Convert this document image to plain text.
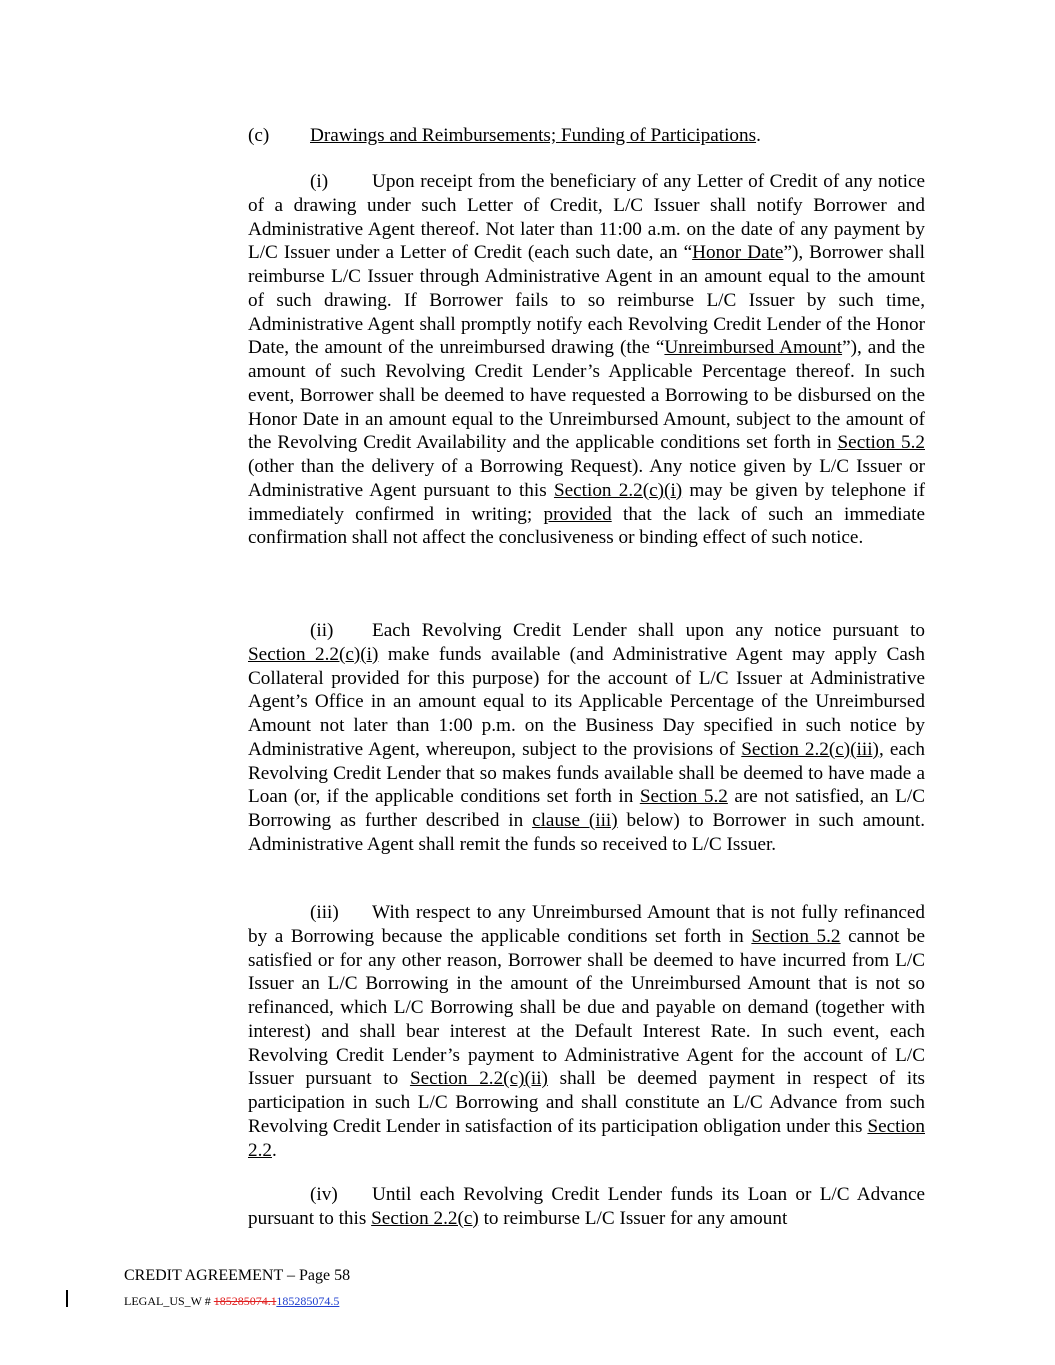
(c) Drawings and Reimbursements; Funding of Participations.
(i) Upon receipt from the beneficiary of any Letter of Credit of any notice of a drawing under such Letter of Credit, L/C Issuer shall notify Borrower and Administrative Agent thereof. Not later than 11:00 a.m. on the date of any payment by L/C Issuer under a Letter of Credit (each such date, an “Honor Date”), Borrower shall reimburse L/C Issuer through Administrative Agent in an amount equal to the amount of such drawing. If Borrower fails to so reimburse L/C Issuer by such time, Administrative Agent shall promptly notify each Revolving Credit Lender of the Honor Date, the amount of the unreimbursed drawing (the “Unreimbursed Amount”), and the amount of such Revolving Credit Lender’s Applicable Percentage thereof. In such event, Borrower shall be deemed to have requested a Borrowing to be disbursed on the Honor Date in an amount equal to the Unreimbursed Amount, subject to the amount of the Revolving Credit Availability and the applicable conditions set forth in Section 5.2 (other than the delivery of a Borrowing Request). Any notice given by L/C Issuer or Administrative Agent pursuant to this Section 2.2(c)(i) may be given by telephone if immediately confirmed in writing; provided that the lack of such an immediate confirmation shall not affect the conclusiveness or binding effect of such notice.
(ii) Each Revolving Credit Lender shall upon any notice pursuant to Section 2.2(c)(i) make funds available (and Administrative Agent may apply Cash Collateral provided for this purpose) for the account of L/C Issuer at Administrative Agent’s Office in an amount equal to its Applicable Percentage of the Unreimbursed Amount not later than 1:00 p.m. on the Business Day specified in such notice by Administrative Agent, whereupon, subject to the provisions of Section 2.2(c)(iii), each Revolving Credit Lender that so makes funds available shall be deemed to have made a Loan (or, if the applicable conditions set forth in Section 5.2 are not satisfied, an L/C Borrowing as further described in clause (iii) below) to Borrower in such amount. Administrative Agent shall remit the funds so received to L/C Issuer.
(iii) With respect to any Unreimbursed Amount that is not fully refinanced by a Borrowing because the applicable conditions set forth in Section 5.2 cannot be satisfied or for any other reason, Borrower shall be deemed to have incurred from L/C Issuer an L/C Borrowing in the amount of the Unreimbursed Amount that is not so refinanced, which L/C Borrowing shall be due and payable on demand (together with interest) and shall bear interest at the Default Interest Rate. In such event, each Revolving Credit Lender’s payment to Administrative Agent for the account of L/C Issuer pursuant to Section 2.2(c)(ii) shall be deemed payment in respect of its participation in such L/C Borrowing and shall constitute an L/C Advance from such Revolving Credit Lender in satisfaction of its participation obligation under this Section 2.2.
(iv) Until each Revolving Credit Lender funds its Loan or L/C Advance pursuant to this Section 2.2(c) to reimburse L/C Issuer for any amount
CREDIT AGREEMENT – Page 58
LEGAL_US_W # 185285074.1185285074.5
